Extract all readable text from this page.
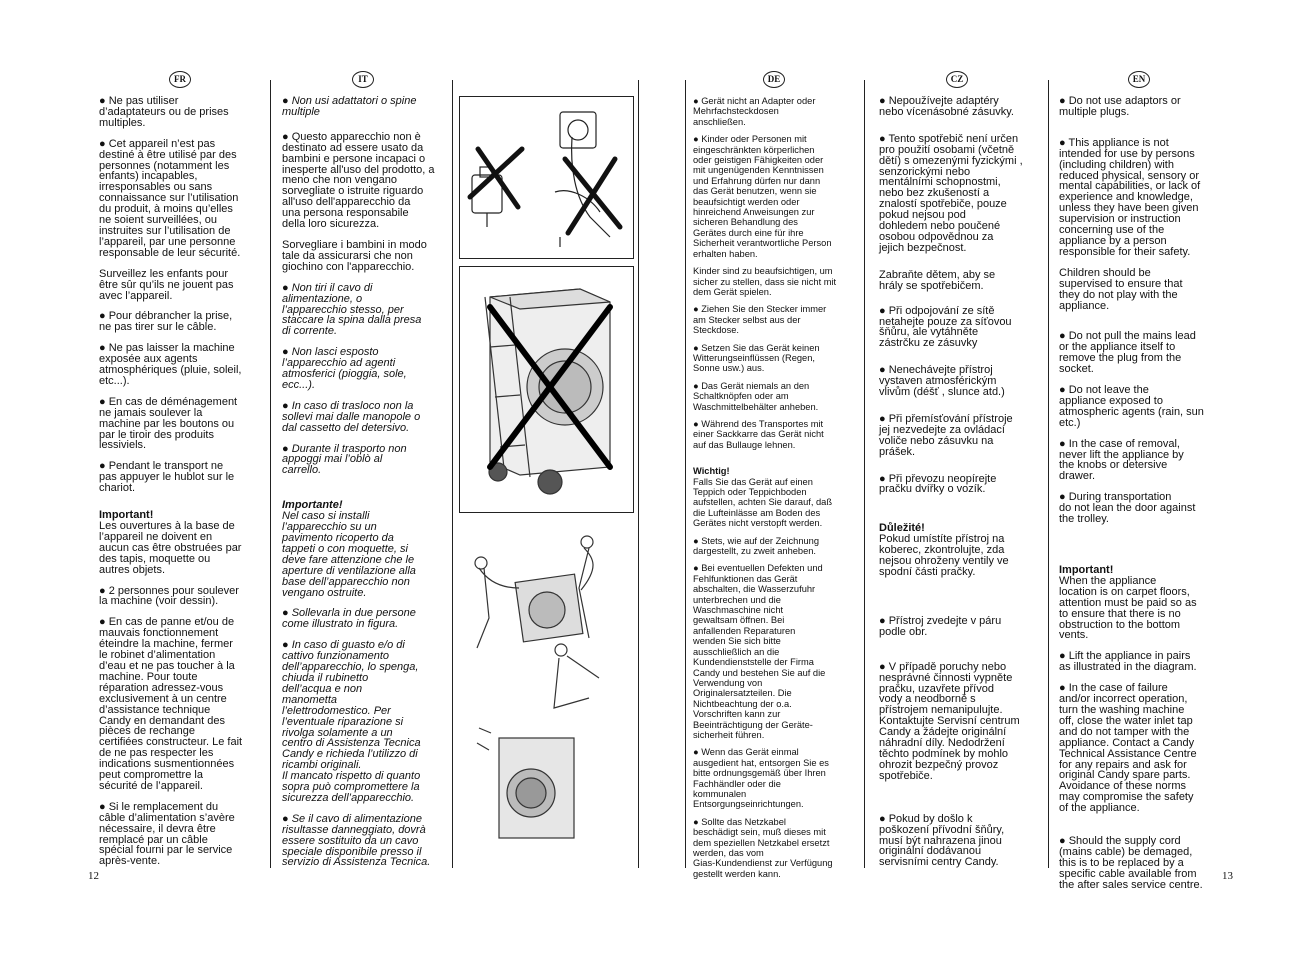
FR	IT	DE	CZ	EN

● Ne pas utiliser
d’adaptateurs ou de prises
multiples.

● Cet appareil n’est pas
destiné à être utilisé par des
personnes (notamment les
enfants) incapables,
irresponsables ou sans
connaissance sur l’utilisation
du produit, à moins qu’elles
ne soient surveillées, ou
instruites sur l’utilisation de
l’appareil, par une personne
responsable de leur sécurité.

Surveillez les enfants pour
être sûr qu’ils ne jouent pas
avec l’appareil.

● Pour débrancher la prise,
ne pas tirer sur le câble.

● Ne pas laisser la machine
exposée aux agents
atmosphériques (pluie, soleil,
etc...).

● En cas de déménagement
ne jamais soulever la
machine par les boutons ou
par le tiroir des produits
lessiviels.

● Pendant le transport ne
pas appuyer le hublot sur le
chariot.

Important!

Les ouvertures à la base de
l’appareil ne doivent en
aucun cas être obstruées par
des tapis, moquette ou
autres objets.

● 2 personnes pour soulever
la machine (voir dessin).

● En cas de panne et/ou de
mauvais fonctionnement
éteindre la machine, fermer
le robinet d’alimentation
d’eau et ne pas toucher à la
machine. Pour toute
réparation adressez-vous
exclusivement à un centre
d’assistance technique
Candy en demandant des
pièces de rechange
certifiées constructeur. Le fait
de ne pas respecter les
indications susmentionnées
peut compromettre la
sécurité de l’appareil.

● Si le remplacement du
câble d’alimentation s’avère
nécessaire, il devra être
remplacé par un câble
spécial fourni par le service
après-vente.

● Non usi adattatori o spine
multiple

● Questo apparecchio non è
destinato ad essere usato da
bambini e persone incapaci o
inesperte all'uso del prodotto, a
meno che non vengano
sorvegliate o istruite riguardo
all'uso dell'apparecchio da
una persona responsabile
della loro sicurezza.

Sorvegliare i bambini in modo
tale da assicurarsi che non
giochino con l'apparecchio.

● Non tiri il cavo di
alimentazione, o
l’apparecchio stesso, per
staccare la spina dalla presa
di corrente.

● Non lasci esposto
l’apparecchio ad agenti
atmosferici (pioggia, sole,
ecc...).

● In caso di trasloco non la
sollevi mai dalle manopole o
dal cassetto del detersivo.

● Durante il trasporto non
appoggi mai l’oblò al
carrello.

Importante!

Nel caso si installi
l’apparecchio su un
pavimento ricoperto da
tappeti o con moquette, si
deve fare attenzione che le
aperture di ventilazione alla
base dell’apparecchio non
vengano ostruite.

● Sollevarla in due persone
come illustrato in figura.

● In caso di guasto e/o di
cattivo funzionamento
dell’apparecchio, lo spenga,
chiuda il rubinetto
dell’acqua e non
manometta
l’elettrodomestico. Per
l’eventuale riparazione si
rivolga solamente a un
centro di Assistenza Tecnica
Candy e richieda l’utilizzo di
ricambi originali.
Il mancato rispetto di quanto
sopra può compromettere la
sicurezza dell’apparecchio.

● Se il cavo di alimentazione
risultasse danneggiato, dovrà
essere sostituito da un cavo
speciale disponibile presso il
servizio di Assistenza Tecnica.

● Gerät nicht an Adapter oder
Mehrfachsteckdosen
anschließen.

● Kinder oder Personen mit
eingeschränkten körperlichen
oder geistigen Fähigkeiten oder
mit ungenügenden Kenntnissen
und Erfahrung dürfen nur dann
das Gerät benutzen, wenn sie
beaufsichtigt werden oder
hinreichend Anweisungen zur
sicheren Behandlung des
Gerätes durch eine für ihre
Sicherheit verantwortliche Person
erhalten haben.

Kinder sind zu beaufsichtigen, um
sicher zu stellen, dass sie nicht mit
dem Gerät spielen.

● Ziehen Sie den Stecker immer
am Stecker selbst aus der
Steckdose.

● Setzen Sie das Gerät keinen
Witterungseinflüssen (Regen,
Sonne usw.) aus.

● Das Gerät niemals an den
Schaltknöpfen oder am
Waschmittelbehälter anheben.

● Während des Transportes mit
einer Sackkarre das Gerät nicht
auf das Bullauge lehnen.

Wichtig!

Falls Sie das Gerät auf einen
Teppich oder Teppichboden
aufstellen, achten Sie darauf, daß
die Lufteinlässe am Boden des
Gerätes nicht verstopft werden.

● Stets, wie auf der Zeichnung
dargestellt, zu zweit anheben.

● Bei eventuellen Defekten und
Fehlfunktionen das Gerät
abschalten, die Wasserzufuhr
unterbrechen und die
Waschmaschine nicht
gewaltsam öffnen. Bei
anfallenden Reparaturen
wenden Sie sich bitte
ausschließlich an die
Kundendienststelle der Firma
Candy und bestehen Sie auf die
Verwendung von
Originalersatzteilen. Die
Nichtbeachtung der o.a.
Vorschriften kann zur
Beeinträchtigung der Geräte-
sicherheit führen.

● Wenn das Gerät einmal
ausgedient hat, entsorgen Sie es
bitte ordnungsgemäß über Ihren
Fachhändler oder die
kommunalen
Entsorgungseinrichtungen.

● Sollte das Netzkabel
beschädigt sein, muß dieses mit
dem speziellen Netzkabel ersetzt
werden, das vom
Gias-Kundendienst zur Verfügung
gestellt werden kann.

● Nepoužívejte adaptéry
nebo vícenásobné zásuvky.

● Tento spotřebič není určen
pro použití osobami (včetně
dětí) s omezenými fyzickými ,
senzorickými nebo
mentálními schopnostmi,
nebo bez zkušeností a
znalostí spotřebiče, pouze
pokud nejsou pod
dohledem nebo poučené
osobou odpovědnou za
jejich bezpečnost.

Zabraňte dětem, aby se
hrály se spotřebičem.

● Při odpojování ze sítě
netahejte pouze za síťovou
šňůru, ale vytáhněte
zástrčku ze zásuvky

● Nenechávejte přístroj
vystaven atmosférickým
vlivům (déšť , slunce atd.)

● Při přemísťování přístroje
jej nezvedejte za ovládací
voliče nebo zásuvku na
prášek.

● Při převozu neopírejte
pračku dvířky o vozík.

Důležité!

Pokud umístíte přístroj na
koberec, zkontrolujte, zda
nejsou ohroženy ventily ve
spodní části pračky.

● Přístroj zvedejte v páru
podle obr.

● V případě poruchy nebo
nesprávné činnosti vypněte
pračku, uzavřete přívod
vody a neodborně s
přístrojem nemanipulujte.
Kontaktujte Servisní centrum
Candy a žádejte originální
náhradní díly. Nedodržení
těchto podmínek by mohlo
ohrozit bezpečný provoz
spotřebiče.

● Pokud by došlo k
poškození přívodní šňůry,
musí být nahrazena jinou
originální dodávanou
servisními centry Candy.

● Do not use adaptors or
multiple plugs.

● This appliance is not
intended for use by persons
(including children) with
reduced physical, sensory or
mental capabilities, or lack of
experience and knowledge,
unless they have been given
supervision or instruction
concerning use of the
appliance by a person
responsible for their safety.

Children should be
supervised to ensure that
they do not play with the
appliance.

● Do not pull the mains lead
or the appliance itself to
remove the plug from the
socket.

● Do not leave the
appliance exposed to
atmospheric agents (rain, sun
etc.)

● In the case of removal,
never lift the appliance by
the knobs or detersive
drawer.

● During transportation
do not lean the door against
the trolley.

Important!

When the appliance
location is on carpet floors,
attention must be paid so as
to ensure that there is no
obstruction to the bottom
vents.

● Lift the appliance in pairs
as illustrated in the diagram.

● In the case of failure
and/or incorrect operation,
turn the washing machine
off, close the water inlet tap
and do not tamper with the
appliance. Contact a Candy
Technical Assistance Centre
for any repairs and ask for
original Candy spare parts.
Avoidance of these norms
may compromise the safety
of the appliance.

● Should the supply cord
(mains cable) be demaged,
this is to be replaced by a
specific cable available from
the after sales service centre.

12	13
